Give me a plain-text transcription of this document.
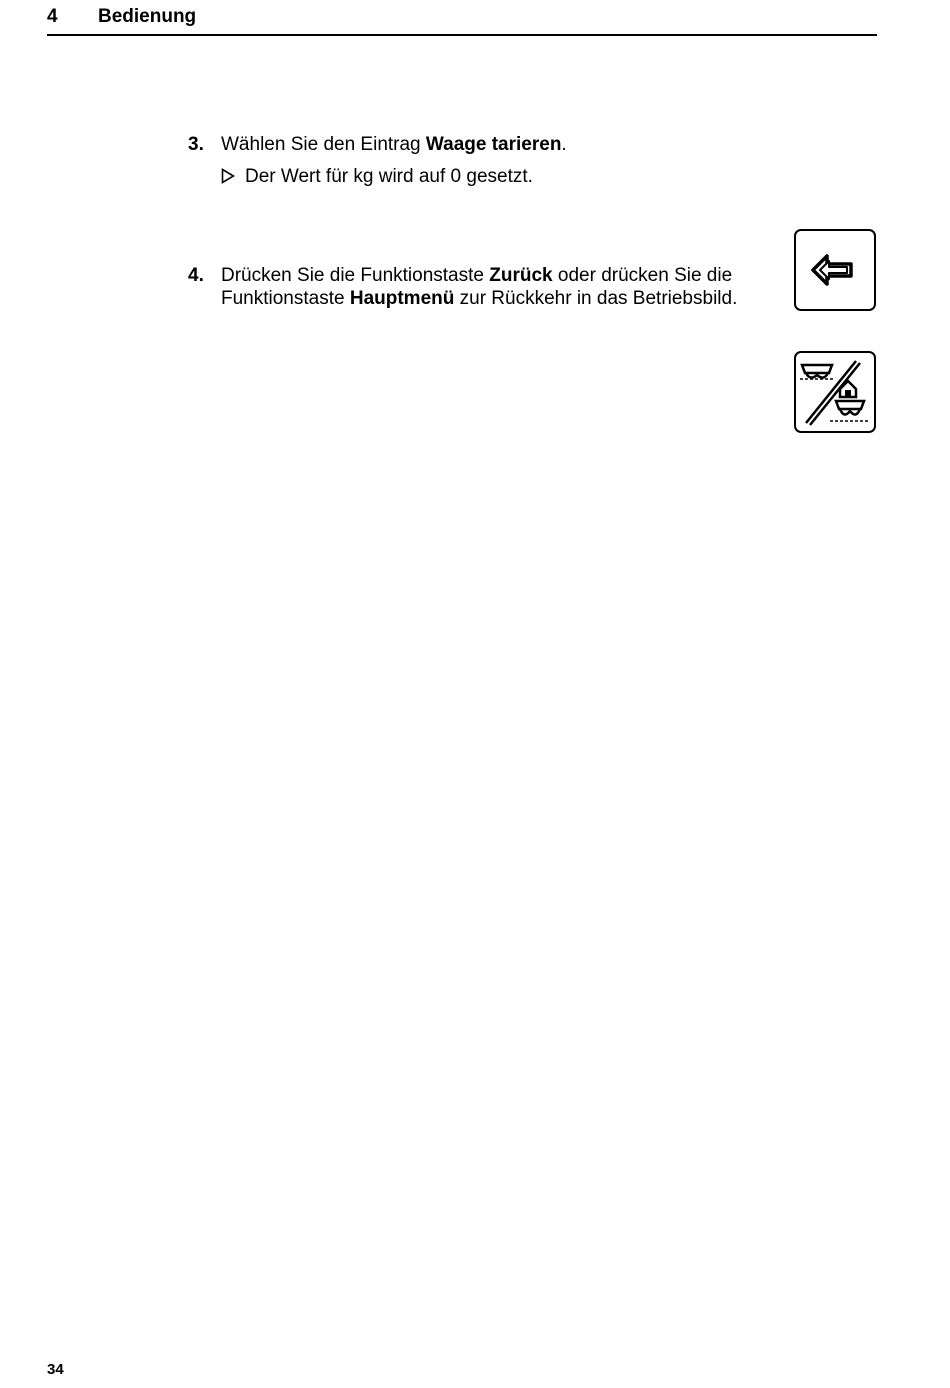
4 Bedienung
3. Wählen Sie den Eintrag Waage tarieren.
Der Wert für kg wird auf 0 gesetzt.
4. Drücken Sie die Funktionstaste Zurück oder drücken Sie die Funktionstaste Hauptmenü zur Rückkehr in das Betriebsbild.
34
